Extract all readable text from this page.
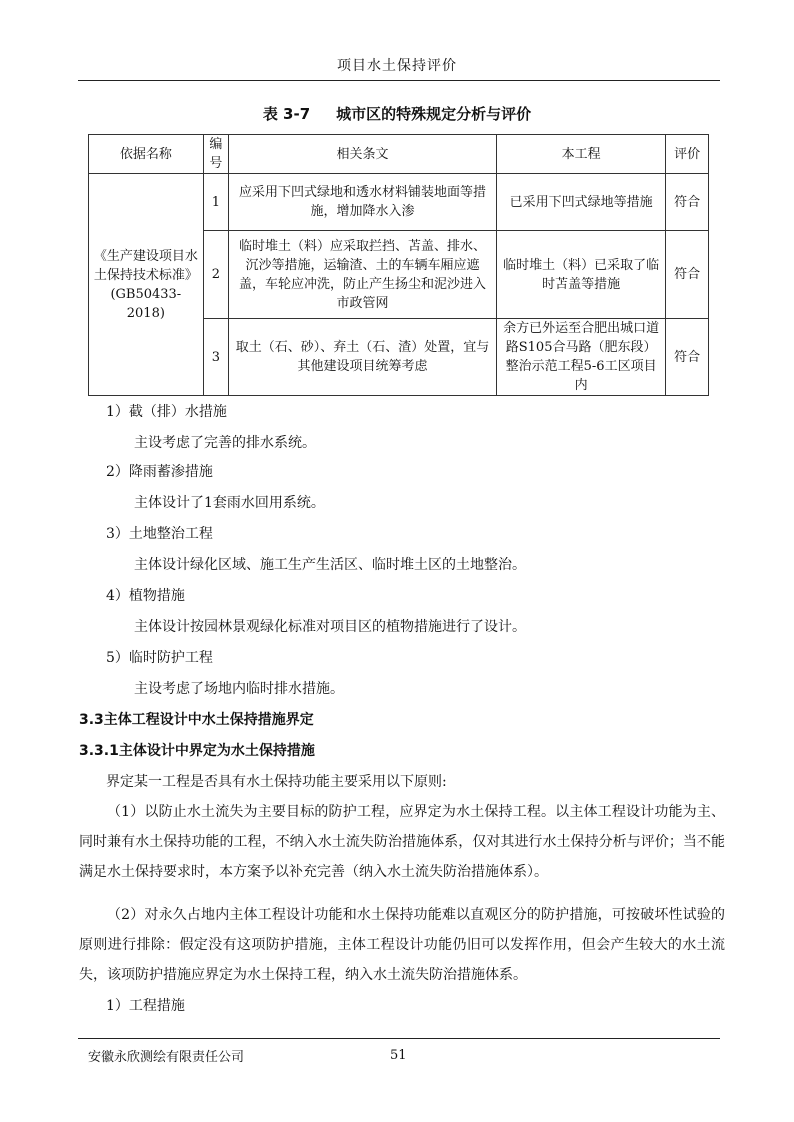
项目水土保持评价
表 3-7 城市区的特殊规定分析与评价
依据名称	编号	相关条文	本工程	评价
《生产建设项目水土保持技术标准》(GB50433-2018)	1	应采用下凹式绿地和透水材料铺装地面等措施，增加降水入渗	已采用下凹式绿地等措施	符合
	2	临时堆土（料）应采取拦挡、苫盖、排水、沉沙等措施，运输渣、土的车辆车厢应遮盖，车轮应冲洗，防止产生扬尘和泥沙进入市政管网	临时堆土（料）已采取了临时苫盖等措施	符合
	3	取土（石、砂）、弃土（石、渣）处置，宜与其他建设项目统筹考虑	余方已外运至合肥出城口道路S105合马路（肥东段）整治示范工程5-6工区项目内	符合
1）截（排）水措施
主设考虑了完善的排水系统。
2）降雨蓄渗措施
主体设计了1套雨水回用系统。
3）土地整治工程
主体设计绿化区域、施工生产生活区、临时堆土区的土地整治。
4）植物措施
主体设计按园林景观绿化标准对项目区的植物措施进行了设计。
5）临时防护工程
主设考虑了场地内临时排水措施。
3.3主体工程设计中水土保持措施界定
3.3.1主体设计中界定为水土保持措施
界定某一工程是否具有水土保持功能主要采用以下原则:
（1）以防止水土流失为主要目标的防护工程，应界定为水土保持工程。以主体工程设计功能为主、同时兼有水土保持功能的工程，不纳入水土流失防治措施体系，仅对其进行水土保持分析与评价；当不能满足水土保持要求时，本方案予以补充完善（纳入水土流失防治措施体系）。
（2）对永久占地内主体工程设计功能和水土保持功能难以直观区分的防护措施，可按破坏性试验的原则进行排除：假定没有这项防护措施，主体工程设计功能仍旧可以发挥作用，但会产生较大的水土流失，该项防护措施应界定为水土保持工程，纳入水土流失防治措施体系。
1）工程措施
安徽永欣测绘有限责任公司	51
